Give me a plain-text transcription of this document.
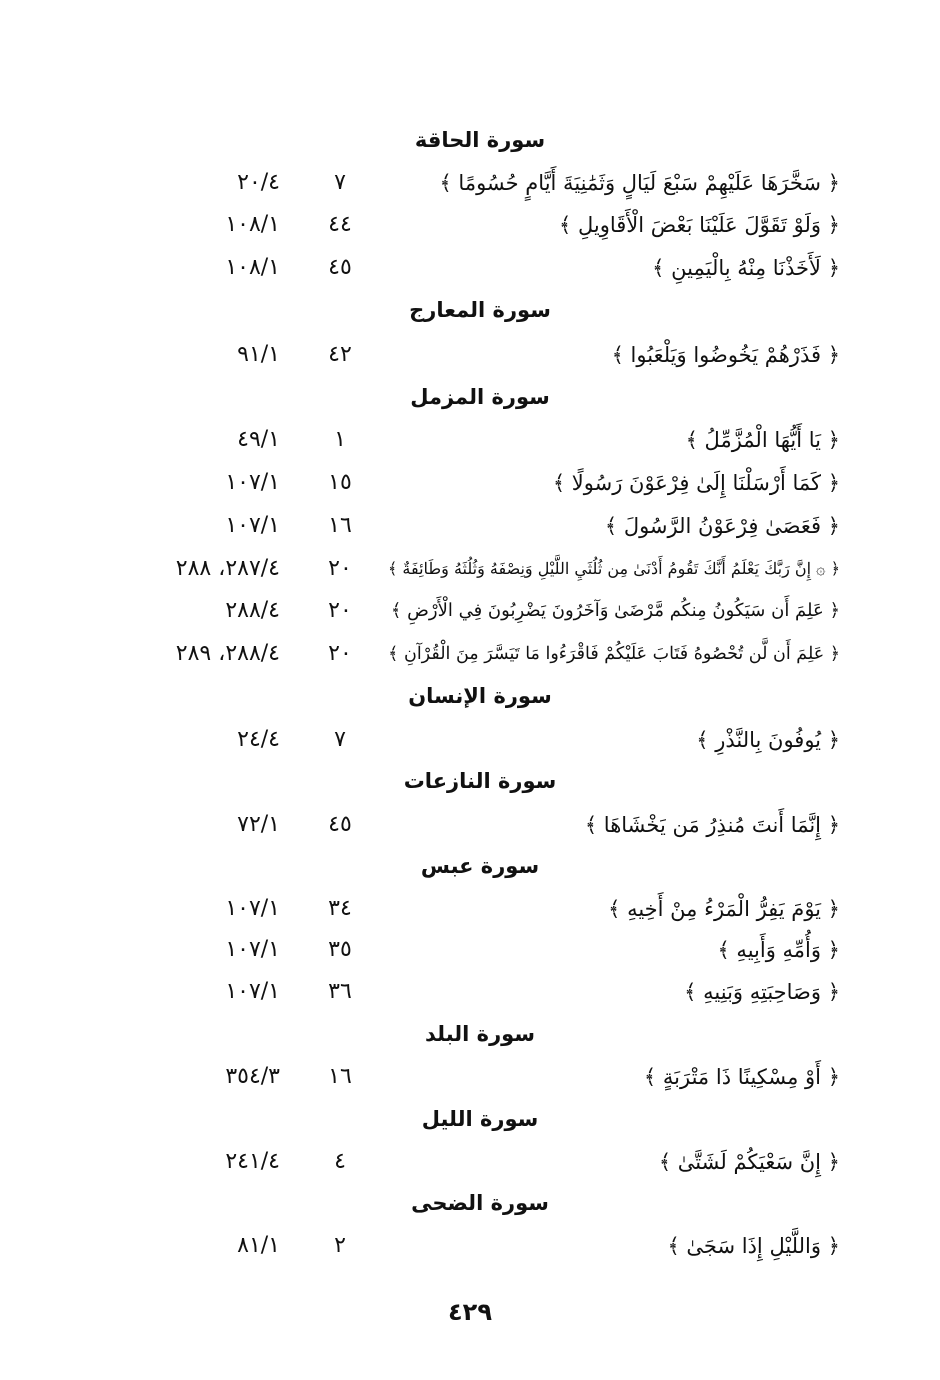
سورة الحاقة
﴿ سَخَّرَهَا عَلَيْهِمْ سَبْعَ لَيَالٍ وَثَمَٰنِيَةَ أَيَّامٍ حُسُومًا ﴾
٧
٢٠/٤
﴿ وَلَوْ تَقَوَّلَ عَلَيْنَا بَعْضَ الْأَقَاوِيلِ ﴾
٤٤
١٠٨/١
﴿ لَأَخَذْنَا مِنْهُ بِالْيَمِينِ ﴾
٤٥
١٠٨/١
سورة المعارج
﴿ فَذَرْهُمْ يَخُوضُوا وَيَلْعَبُوا ﴾
٤٢
٩١/١
سورة المزمل
﴿ يَا أَيُّهَا الْمُزَّمِّلُ ﴾
١
٤٩/١
﴿ كَمَا أَرْسَلْنَا إِلَىٰ فِرْعَوْنَ رَسُولًا ﴾
١٥
١٠٧/١
﴿ فَعَصَىٰ فِرْعَوْنُ الرَّسُولَ ﴾
١٦
١٠٧/١
﴿ ۞ إِنَّ رَبَّكَ يَعْلَمُ أَنَّكَ تَقُومُ أَدْنَىٰ مِن ثُلُثَيِ اللَّيْلِ وَنِصْفَهُ وَثُلُثَهُ وَطَائِفَةٌ ﴾
٢٠
٢٨٧/٤، ٢٨٨
﴿ عَلِمَ أَن سَيَكُونُ مِنكُم مَّرْضَىٰ وَآخَرُونَ يَضْرِبُونَ فِي الْأَرْضِ ﴾
٢٠
٢٨٨/٤
﴿ عَلِمَ أَن لَّن تُحْصُوهُ فَتَابَ عَلَيْكُمْ فَاقْرَءُوا مَا تَيَسَّرَ مِنَ الْقُرْآنِ ﴾
٢٠
٢٨٨/٤، ٢٨٩
سورة الإنسان
﴿ يُوفُونَ بِالنَّذْرِ ﴾
٧
٢٤/٤
سورة النازعات
﴿ إِنَّمَا أَنتَ مُنذِرُ مَن يَخْشَاهَا ﴾
٤٥
٧٢/١
سورة عبس
﴿ يَوْمَ يَفِرُّ الْمَرْءُ مِنْ أَخِيهِ ﴾
٣٤
١٠٧/١
﴿ وَأُمِّهِ وَأَبِيهِ ﴾
٣٥
١٠٧/١
﴿ وَصَاحِبَتِهِ وَبَنِيهِ ﴾
٣٦
١٠٧/١
سورة البلد
﴿ أَوْ مِسْكِينًا ذَا مَتْرَبَةٍ ﴾
١٦
٣٥٤/٣
سورة الليل
﴿ إِنَّ سَعْيَكُمْ لَشَتَّىٰ ﴾
٤
٢٤١/٤
سورة الضحى
﴿ وَاللَّيْلِ إِذَا سَجَىٰ ﴾
٢
٨١/١
٤٢٩
